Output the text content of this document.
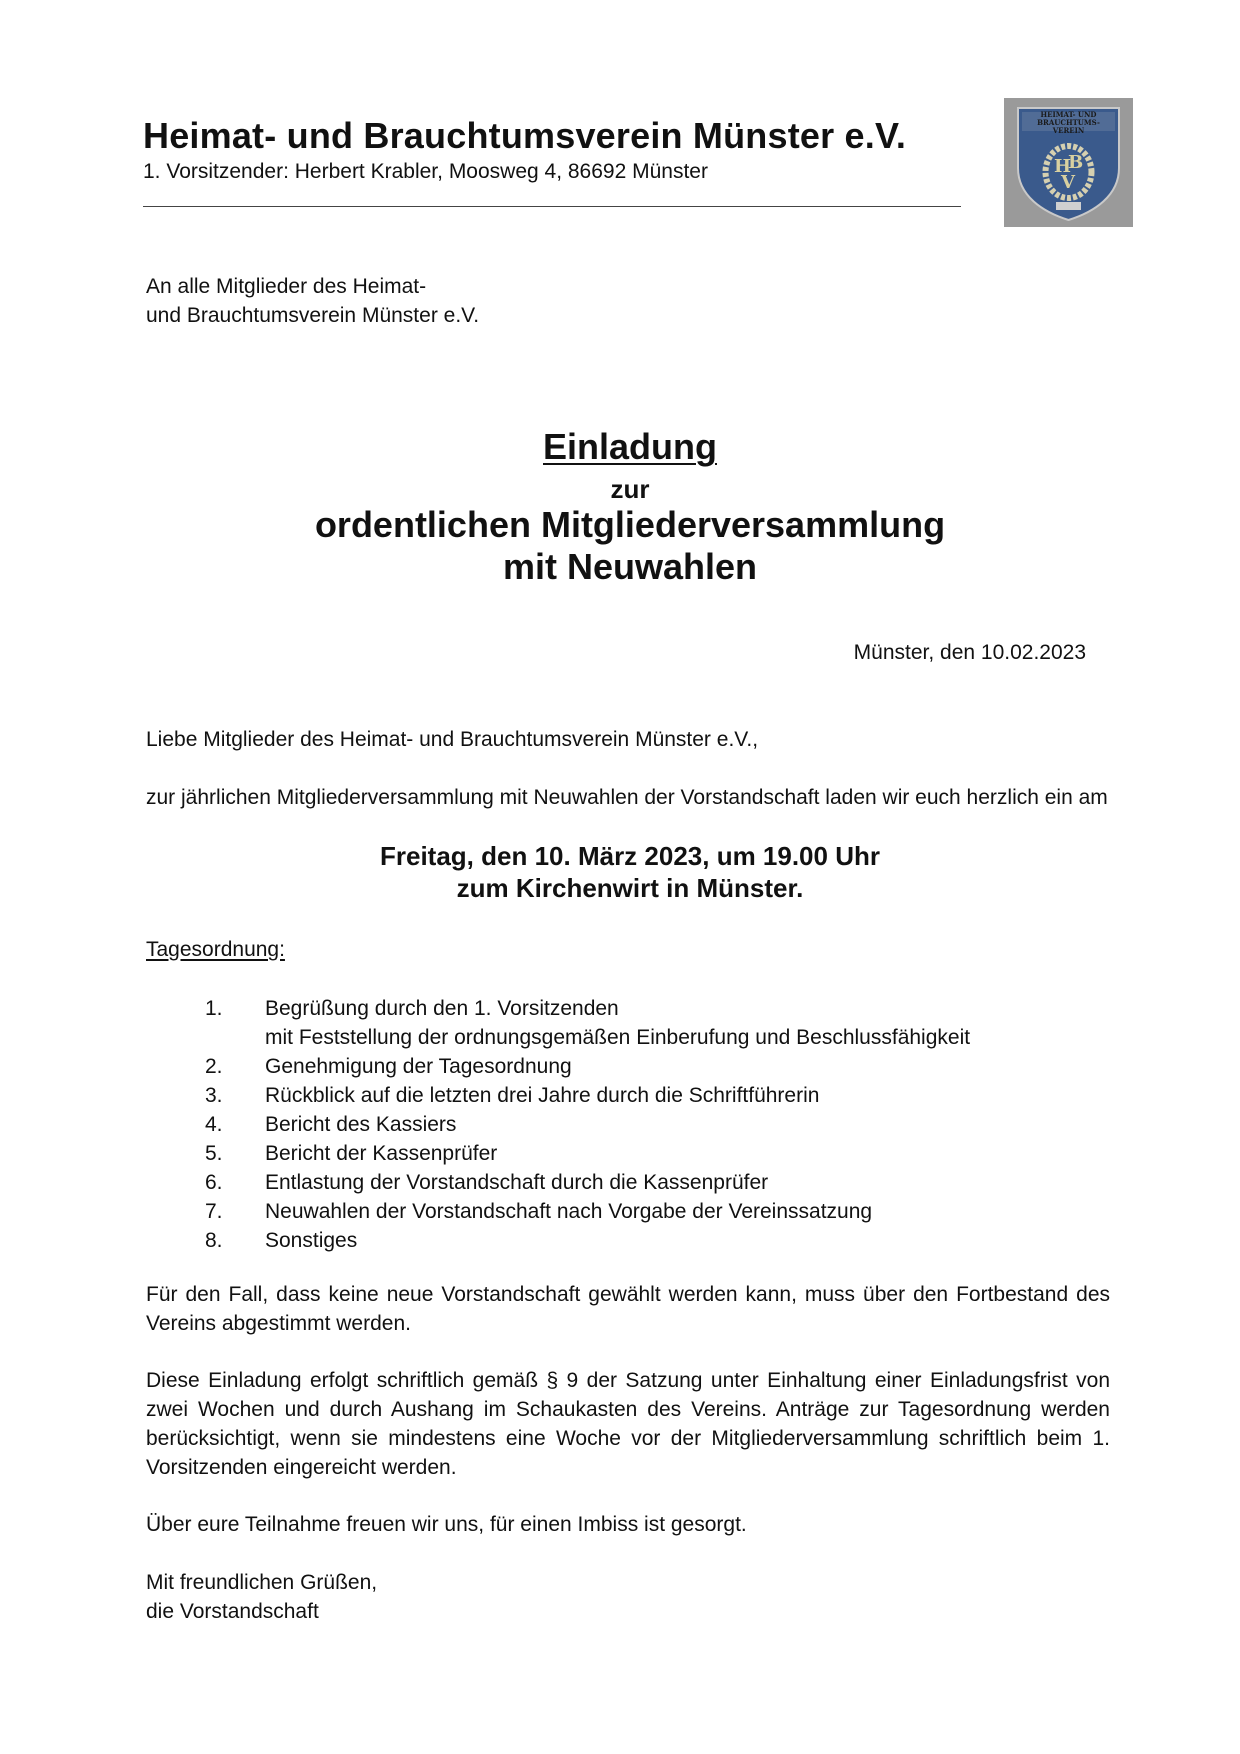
Heimat- und Brauchtumsverein Münster e.V.
1. Vorsitzender: Herbert Krabler, Moosweg 4, 86692 Münster
HEIMAT- UND
BRAUCHTUMS-
VEREIN
H
B
V
An alle Mitglieder des Heimat-
und Brauchtumsverein Münster e.V.
Einladung
zur
ordentlichen Mitgliederversammlung
mit Neuwahlen
Münster, den 10.02.2023
Liebe Mitglieder des Heimat- und Brauchtumsverein Münster e.V.,
zur jährlichen Mitgliederversammlung mit Neuwahlen der Vorstandschaft laden wir euch herzlich ein am
Freitag, den 10. März 2023, um 19.00 Uhr
zum Kirchenwirt in Münster.
Tagesordnung:
1.	Begrüßung durch den 1. Vorsitzenden
mit Feststellung der ordnungsgemäßen Einberufung und Beschlussfähigkeit
2.	Genehmigung der Tagesordnung
3.	Rückblick auf die letzten drei Jahre durch die Schriftführerin
4.	Bericht des Kassiers
5.	Bericht der Kassenprüfer
6.	Entlastung der Vorstandschaft durch die Kassenprüfer
7.	Neuwahlen der Vorstandschaft nach Vorgabe der Vereinssatzung
8.	Sonstiges
Für den Fall, dass keine neue Vorstandschaft gewählt werden kann, muss über den Fortbestand des Vereins abgestimmt werden.
Diese Einladung erfolgt schriftlich gemäß § 9 der Satzung unter Einhaltung einer Einladungsfrist von zwei Wochen und durch Aushang im Schaukasten des Vereins. Anträge zur Tagesordnung werden berücksichtigt, wenn sie mindestens eine Woche vor der Mitgliederversammlung schriftlich beim 1. Vorsitzenden eingereicht werden.
Über eure Teilnahme freuen wir uns, für einen Imbiss ist gesorgt.
Mit freundlichen Grüßen,
die Vorstandschaft
